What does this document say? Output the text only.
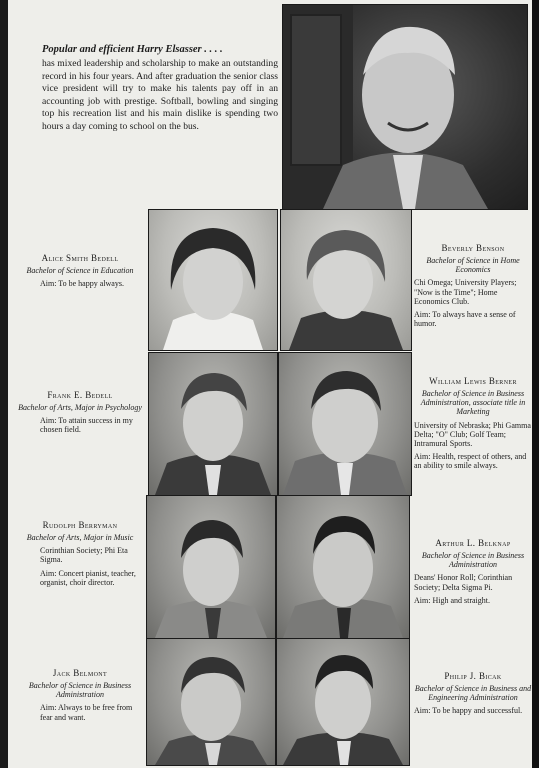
Popular and efficient Harry Elsasser . . . .

has mixed leadership and scholarship to make an outstanding record in his four years. And after graduation the senior class vice president will try to make his talents pay off in an accounting job with prestige. Softball, bowling and singing top his recreation list and his main dislike is spending two hours a day coming to school on the bus.

Alice Smith Bedell

Bachelor of Science in Education

Aim: To be happy always.

Beverly Benson

Bachelor of Science in Home Economics

Chi Omega; University Players; "Now is the Time"; Home Economics Club.

Aim: To always have a sense of humor.

Frank E. Bedell

Bachelor of Arts, Major in Psychology

Aim: To attain success in my chosen field.

William Lewis Berner

Bachelor of Science in Business Administration, associate title in Marketing

University of Nebraska; Phi Gamma Delta; "O" Club; Golf Team; Intramural Sports.

Aim: Health, respect of others, and an ability to smile always.

Rudolph Berryman

Bachelor of Arts, Major in Music

Corinthian Society; Phi Eta Sigma.

Aim: Concert pianist, teacher, organist, choir director.

Arthur L. Belknap

Bachelor of Science in Business Administration

Deans' Honor Roll; Corinthian Society; Delta Sigma Pi.

Aim: High and straight.

Jack Belmont

Bachelor of Science in Business Administration

Aim: Always to be free from fear and want.

Philip J. Bicak

Bachelor of Science in Business and Engineering Administration

Aim: To be happy and successful.
